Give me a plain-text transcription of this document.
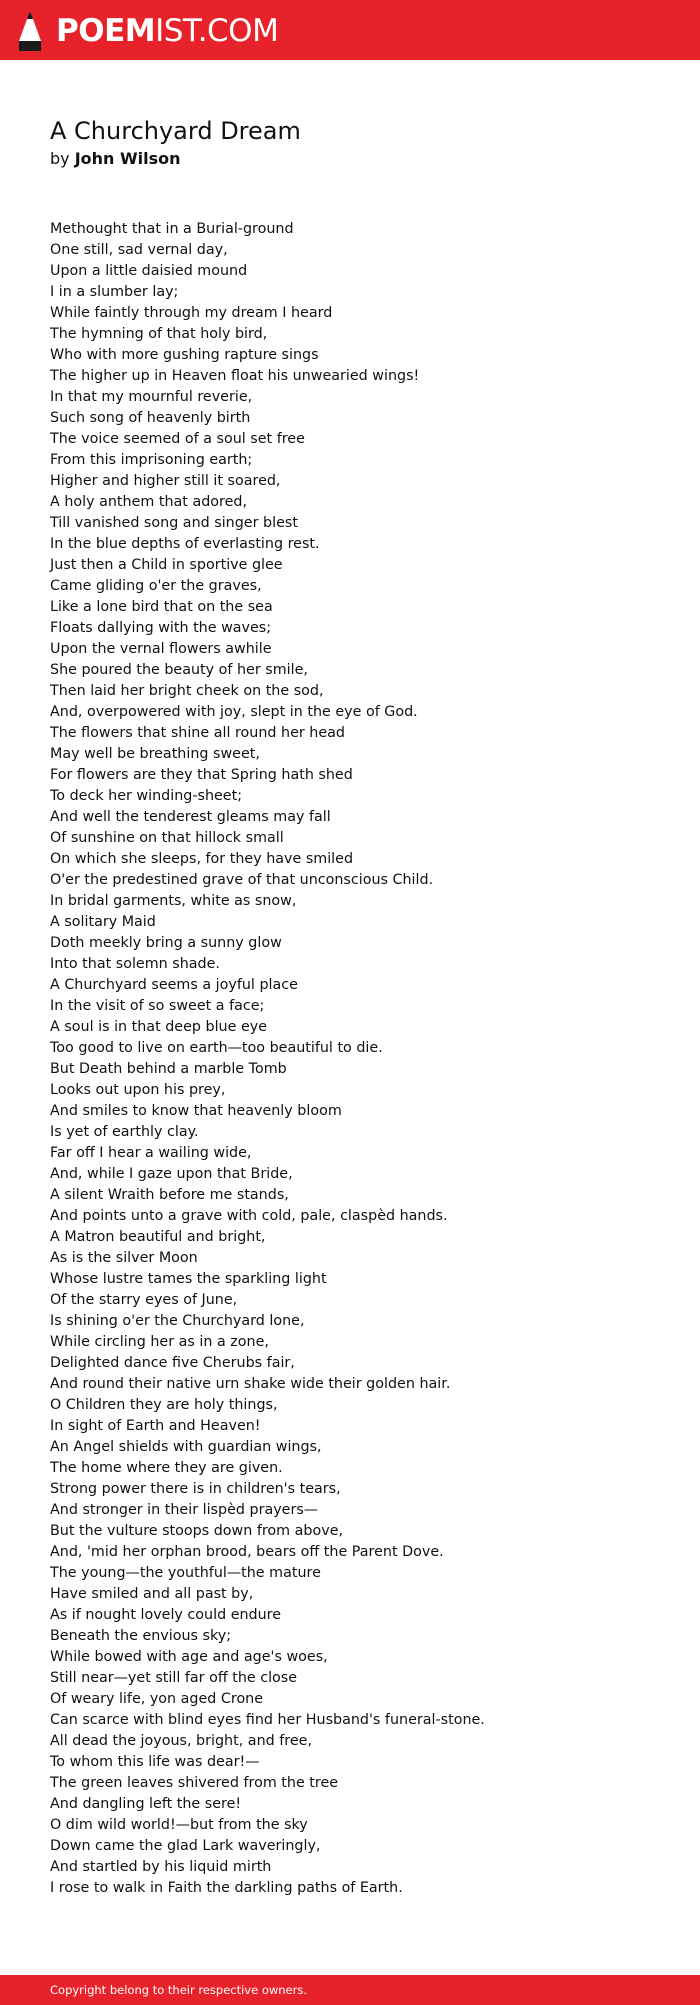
POEMIST.COM
A Churchyard Dream
by John Wilson
Methought that in a Burial-ground
One still, sad vernal day,
Upon a little daisied mound
I in a slumber lay;
While faintly through my dream I heard
The hymning of that holy bird,
Who with more gushing rapture sings
The higher up in Heaven float his unwearied wings!
In that my mournful reverie,
Such song of heavenly birth
The voice seemed of a soul set free
From this imprisoning earth;
Higher and higher still it soared,
A holy anthem that adored,
Till vanished song and singer blest
In the blue depths of everlasting rest.
Just then a Child in sportive glee
Came gliding o'er the graves,
Like a lone bird that on the sea
Floats dallying with the waves;
Upon the vernal flowers awhile
She poured the beauty of her smile,
Then laid her bright cheek on the sod,
And, overpowered with joy, slept in the eye of God.
The flowers that shine all round her head
May well be breathing sweet,
For flowers are they that Spring hath shed
To deck her winding-sheet;
And well the tenderest gleams may fall
Of sunshine on that hillock small
On which she sleeps, for they have smiled
O'er the predestined grave of that unconscious Child.
In bridal garments, white as snow,
A solitary Maid
Doth meekly bring a sunny glow
Into that solemn shade.
A Churchyard seems a joyful place
In the visit of so sweet a face;
A soul is in that deep blue eye
Too good to live on earth—too beautiful to die.
But Death behind a marble Tomb
Looks out upon his prey,
And smiles to know that heavenly bloom
Is yet of earthly clay.
Far off I hear a wailing wide,
And, while I gaze upon that Bride,
A silent Wraith before me stands,
And points unto a grave with cold, pale, claspèd hands.
A Matron beautiful and bright,
As is the silver Moon
Whose lustre tames the sparkling light
Of the starry eyes of June,
Is shining o'er the Churchyard lone,
While circling her as in a zone,
Delighted dance five Cherubs fair,
And round their native urn shake wide their golden hair.
O Children they are holy things,
In sight of Earth and Heaven!
An Angel shields with guardian wings,
The home where they are given.
Strong power there is in children's tears,
And stronger in their lispèd prayers—
But the vulture stoops down from above,
And, 'mid her orphan brood, bears off the Parent Dove.
The young—the youthful—the mature
Have smiled and all past by,
As if nought lovely could endure
Beneath the envious sky;
While bowed with age and age's woes,
Still near—yet still far off the close
Of weary life, yon aged Crone
Can scarce with blind eyes find her Husband's funeral-stone.
All dead the joyous, bright, and free,
To whom this life was dear!—
The green leaves shivered from the tree
And dangling left the sere!
O dim wild world!—but from the sky
Down came the glad Lark waveringly,
And startled by his liquid mirth
I rose to walk in Faith the darkling paths of Earth.
Copyright belong to their respective owners.
